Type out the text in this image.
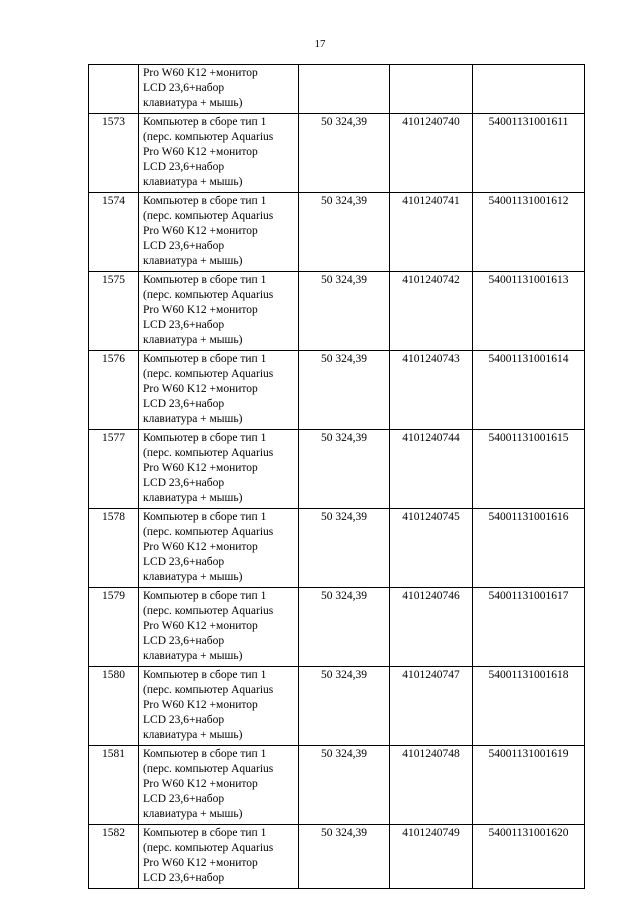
17

	Pro W60 K12 +монитор
LCD 23,6+набор
клавиатура + мышь)			

1573	Компьютер в сборе тип 1
(перс. компьютер Aquarius
Pro W60 K12 +монитор
LCD 23,6+набор
клавиатура + мышь)	50 324,39	4101240740	54001131001611
1574	Компьютер в сборе тип 1
(перс. компьютер Aquarius
Pro W60 K12 +монитор
LCD 23,6+набор
клавиатура + мышь)	50 324,39	4101240741	54001131001612
1575	Компьютер в сборе тип 1
(перс. компьютер Aquarius
Pro W60 K12 +монитор
LCD 23,6+набор
клавиатура + мышь)	50 324,39	4101240742	54001131001613
1576	Компьютер в сборе тип 1
(перс. компьютер Aquarius
Pro W60 K12 +монитор
LCD 23,6+набор
клавиатура + мышь)	50 324,39	4101240743	54001131001614
1577	Компьютер в сборе тип 1
(перс. компьютер Aquarius
Pro W60 K12 +монитор
LCD 23,6+набор
клавиатура + мышь)	50 324,39	4101240744	54001131001615
1578	Компьютер в сборе тип 1
(перс. компьютер Aquarius
Pro W60 K12 +монитор
LCD 23,6+набор
клавиатура + мышь)	50 324,39	4101240745	54001131001616
1579	Компьютер в сборе тип 1
(перс. компьютер Aquarius
Pro W60 K12 +монитор
LCD 23,6+набор
клавиатура + мышь)	50 324,39	4101240746	54001131001617
1580	Компьютер в сборе тип 1
(перс. компьютер Aquarius
Pro W60 K12 +монитор
LCD 23,6+набор
клавиатура + мышь)	50 324,39	4101240747	54001131001618
1581	Компьютер в сборе тип 1
(перс. компьютер Aquarius
Pro W60 K12 +монитор
LCD 23,6+набор
клавиатура + мышь)	50 324,39	4101240748	54001131001619
1582	Компьютер в сборе тип 1
(перс. компьютер Aquarius
Pro W60 K12 +монитор
LCD 23,6+набор	50 324,39	4101240749	54001131001620
